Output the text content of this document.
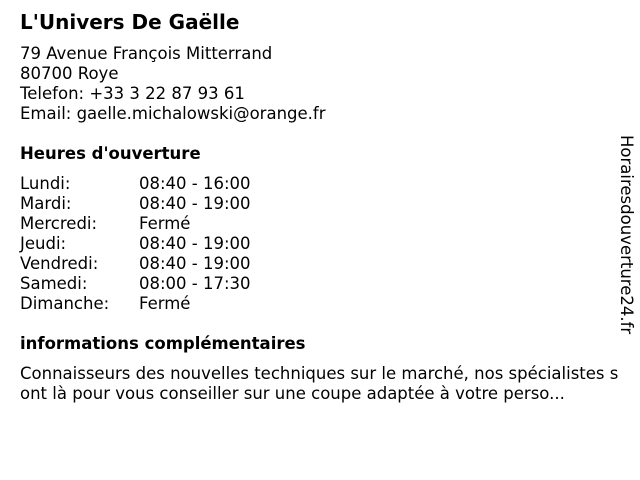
L'Univers De Gaëlle
79 Avenue François Mitterrand
80700 Roye
Telefon: +33 3 22 87 93 61
Email: gaelle.michalowski@orange.fr
Heures d'ouverture
Lundi:	08:40 - 16:00
Mardi:	08:40 - 19:00
Mercredi:	Fermé
Jeudi:	08:40 - 19:00
Vendredi: 08:40 - 19:00
Samedi:	08:00 - 17:30
Dimanche: Fermé
informations complémentaires
Connaisseurs des nouvelles techniques sur le marché, nos spécialistes sont là pour vous conseiller sur une coupe adaptée à votre perso...
Horairesdouverture24.fr
